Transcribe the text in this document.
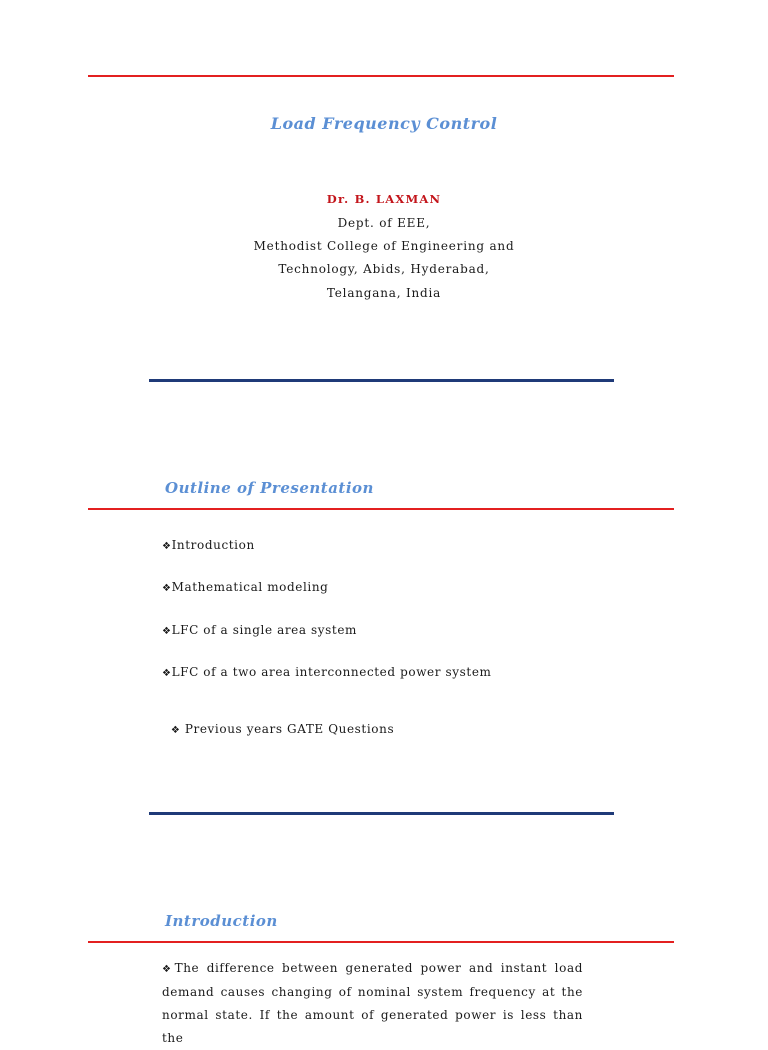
Load Frequency Control
Dr. B. LAXMAN
Dept. of EEE,
Methodist College of Engineering and
Technology, Abids, Hyderabad,
Telangana, India
Outline of Presentation
❖Introduction
❖Mathematical modeling
❖LFC of a single area system
❖LFC of a two area interconnected power system

❖ Previous years GATE Questions

Introduction
❖The difference between generated power and instant load
demand causes changing of nominal system frequency at the
normal state. If the amount of generated power is less than the
